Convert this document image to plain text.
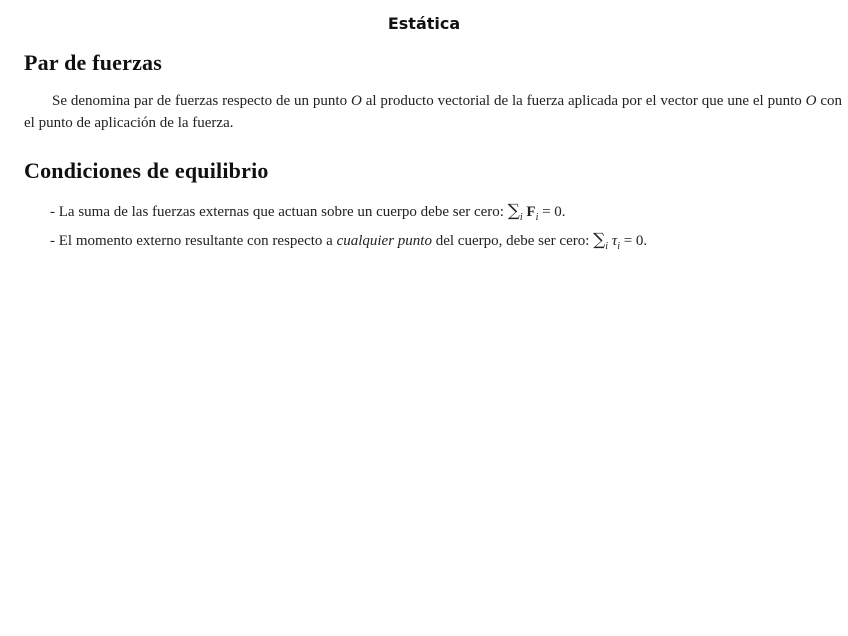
Estática
Par de fuerzas

Se denomina par de fuerzas respecto de un punto O al producto vectorial de la fuerza aplicada por el vector que une el punto O con el punto de aplicación de la fuerza.

Condiciones de equilibrio
- La suma de las fuerzas externas que actuan sobre un cuerpo debe ser cero: $\sum_i$ $F_i = 0$.
- El momento externo resultante con respecto a cualquier punto del cuerpo, debe ser cero: $\sum_i$ $\tau_i = 0$.
